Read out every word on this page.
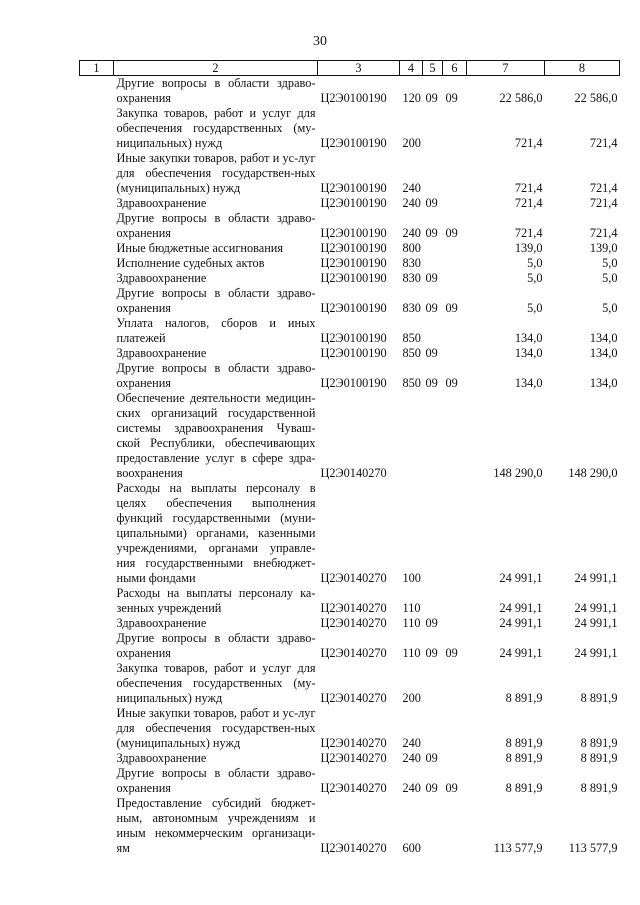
30
1	2	3	4	5	6	7	8
	Другие вопросы в области здраво-охранения	Ц2Э0100190	120	09	09	22 586,0	22 586,0
	Закупка товаров, работ и услуг для обеспечения государственных (му-ниципальных) нужд	Ц2Э0100190	200			721,4	721,4
	Иные закупки товаров, работ и ус-луг для обеспечения государствен-ных (муниципальных) нужд	Ц2Э0100190	240			721,4	721,4
	Здравоохранение	Ц2Э0100190	240	09		721,4	721,4
	Другие вопросы в области здраво-охранения	Ц2Э0100190	240	09	09	721,4	721,4
	Иные бюджетные ассигнования	Ц2Э0100190	800			139,0	139,0
	Исполнение судебных актов	Ц2Э0100190	830			5,0	5,0
	Здравоохранение	Ц2Э0100190	830	09		5,0	5,0
	Другие вопросы в области здраво-охранения	Ц2Э0100190	830	09	09	5,0	5,0
	Уплата налогов, сборов и иных платежей	Ц2Э0100190	850			134,0	134,0
	Здравоохранение	Ц2Э0100190	850	09		134,0	134,0
	Другие вопросы в области здраво-охранения	Ц2Э0100190	850	09	09	134,0	134,0
	Обеспечение деятельности медицин-ских организаций государственной системы здравоохранения Чуваш-ской Республики, обеспечивающих предоставление услуг в сфере здра-воохранения	Ц2Э0140270				148 290,0	148 290,0
	Расходы на выплаты персоналу в целях обеспечения выполнения функций государственными (муни-ципальными) органами, казенными учреждениями, органами управле-ния государственными внебюджет-ными фондами	Ц2Э0140270	100			24 991,1	24 991,1
	Расходы на выплаты персоналу ка-зенных учреждений	Ц2Э0140270	110			24 991,1	24 991,1
	Здравоохранение	Ц2Э0140270	110	09		24 991,1	24 991,1
	Другие вопросы в области здраво-охранения	Ц2Э0140270	110	09	09	24 991,1	24 991,1
	Закупка товаров, работ и услуг для обеспечения государственных (му-ниципальных) нужд	Ц2Э0140270	200			8 891,9	8 891,9
	Иные закупки товаров, работ и ус-луг для обеспечения государствен-ных (муниципальных) нужд	Ц2Э0140270	240			8 891,9	8 891,9
	Здравоохранение	Ц2Э0140270	240	09		8 891,9	8 891,9
	Другие вопросы в области здраво-охранения	Ц2Э0140270	240	09	09	8 891,9	8 891,9
	Предоставление субсидий бюджет-ным, автономным учреждениям и иным некоммерческим организаци-ям	Ц2Э0140270	600			113 577,9	113 577,9
